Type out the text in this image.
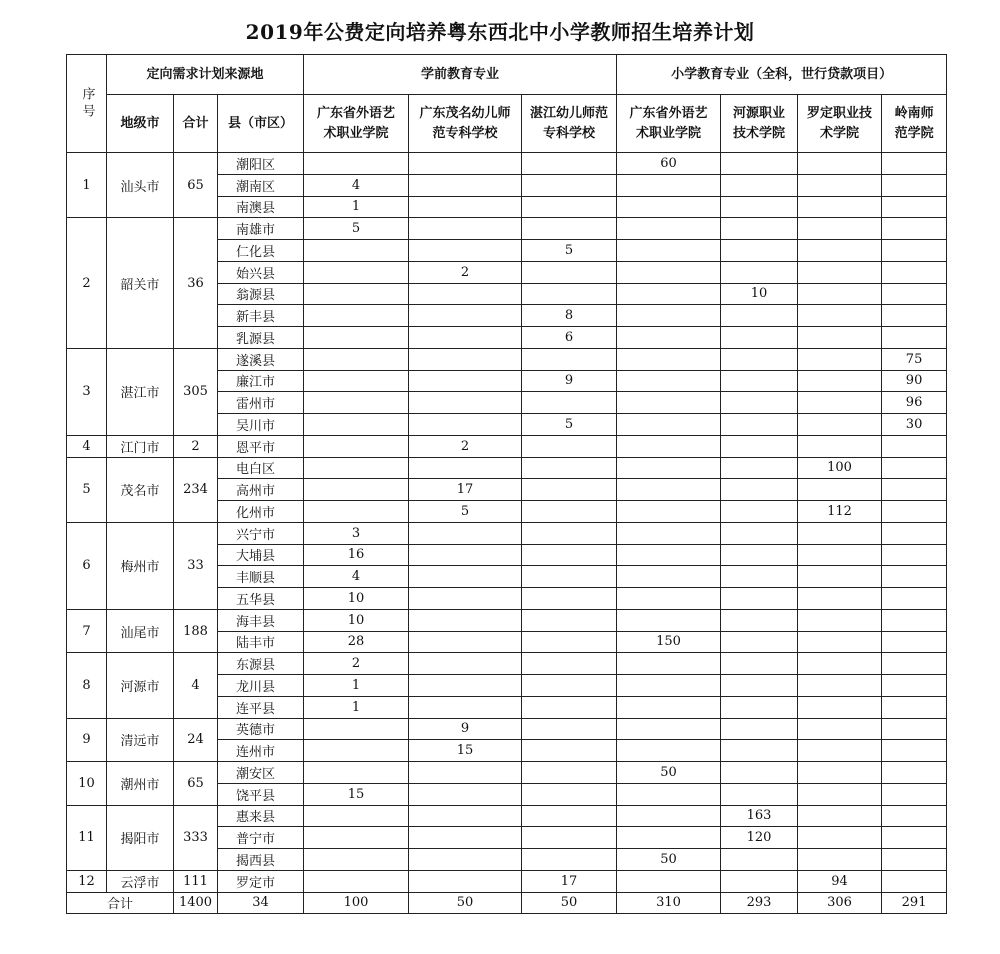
2019年公费定向培养粤东西北中小学教师招生培养计划
序号	定向需求计划来源地			学前教育专业			小学教育专业（全科，世行贷款项目）			
	地级市	合计	县（市区）	广东省外语艺术职业学院	广东茂名幼儿师范专科学校	湛江幼儿师范专科学校	广东省外语艺术职业学院	河源职业技术学院	罗定职业技术学院	岭南师范学院
1	汕头市	65	潮阳区				60			
			潮南区	4						
			南澳县	1						
2	韶关市	36	南雄市	5						
			仁化县			5				
			始兴县		2					
			翁源县					10		
			新丰县			8				
			乳源县			6				
3	湛江市	305	遂溪县							75
			廉江市			9				90
			雷州市							96
			吴川市			5				30
4	江门市	2	恩平市		2					
5	茂名市	234	电白区						100	
			高州市		17					
			化州市		5				112	
6	梅州市	33	兴宁市	3						
			大埔县	16						
			丰顺县	4						
			五华县	10						
7	汕尾市	188	海丰县	10						
			陆丰市	28			150			
8	河源市	4	东源县	2						
			龙川县	1						
			连平县	1						
9	清远市	24	英德市		9					
			连州市		15					
10	潮州市	65	潮安区				50			
			饶平县	15						
11	揭阳市	333	惠来县					163		
			普宁市					120		
			揭西县				50			
12	云浮市	111	罗定市			17			94	
合计		1400	34	100	50	50	310	293	306	291
